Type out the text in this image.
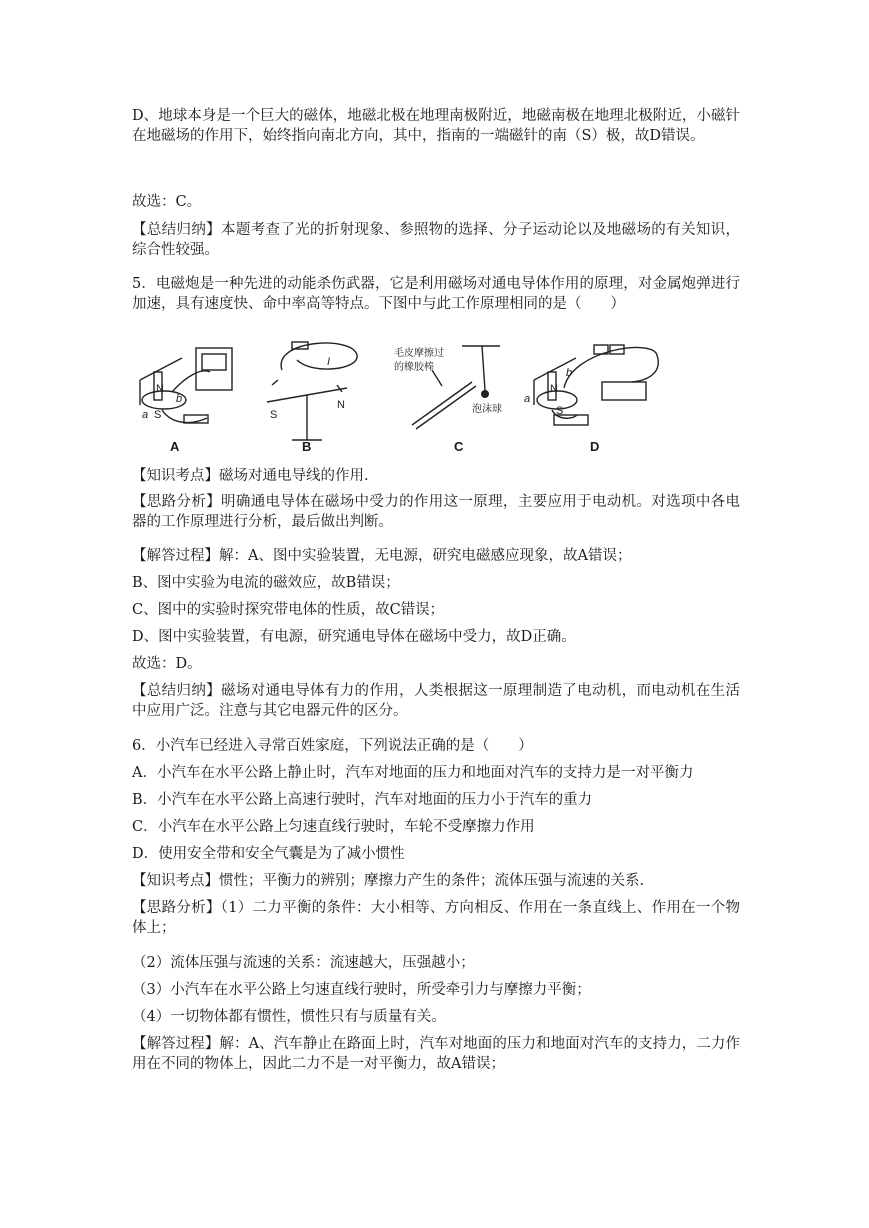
D、地球本身是一个巨大的磁体，地磁北极在地理南极附近，地磁南极在地理北极附近，小磁针在地磁场的作用下，始终指向南北方向，其中，指南的一端磁针的南（S）极，故D错误。

故选：C。

【总结归纳】本题考查了光的折射现象、参照物的选择、分子运动论以及地磁场的有关知识，综合性较强。

5．电磁炮是一种先进的动能杀伤武器，它是利用磁场对通电导体作用的原理，对金属炮弹进行加速，具有速度快、命中率高等特点。下图中与此工作原理相同的是（　　）

N
S
a
b
I
S
N
N
S
a
b
毛皮摩擦过
的橡胶棒
泡沫球
A	B	C	D

【知识考点】磁场对通电导线的作用.

【思路分析】明确通电导体在磁场中受力的作用这一原理，主要应用于电动机。对选项中各电器的工作原理进行分析，最后做出判断。

【解答过程】解：A、图中实验装置，无电源，研究电磁感应现象，故A错误；

B、图中实验为电流的磁效应，故B错误；

C、图中的实验时探究带电体的性质，故C错误；

D、图中实验装置，有电源，研究通电导体在磁场中受力，故D正确。

故选：D。

【总结归纳】磁场对通电导体有力的作用，人类根据这一原理制造了电动机，而电动机在生活中应用广泛。注意与其它电器元件的区分。

6．小汽车已经进入寻常百姓家庭，下列说法正确的是（　　）

A．小汽车在水平公路上静止时，汽车对地面的压力和地面对汽车的支持力是一对平衡力

B．小汽车在水平公路上高速行驶时，汽车对地面的压力小于汽车的重力

C．小汽车在水平公路上匀速直线行驶时，车轮不受摩擦力作用

D．使用安全带和安全气囊是为了减小惯性

【知识考点】惯性；平衡力的辨别；摩擦力产生的条件；流体压强与流速的关系.

【思路分析】（1）二力平衡的条件：大小相等、方向相反、作用在一条直线上、作用在一个物体上；

（2）流体压强与流速的关系：流速越大，压强越小；

（3）小汽车在水平公路上匀速直线行驶时，所受牵引力与摩擦力平衡；

（4）一切物体都有惯性，惯性只有与质量有关。

【解答过程】解：A、汽车静止在路面上时，汽车对地面的压力和地面对汽车的支持力，二力作用在不同的物体上，因此二力不是一对平衡力，故A错误；
